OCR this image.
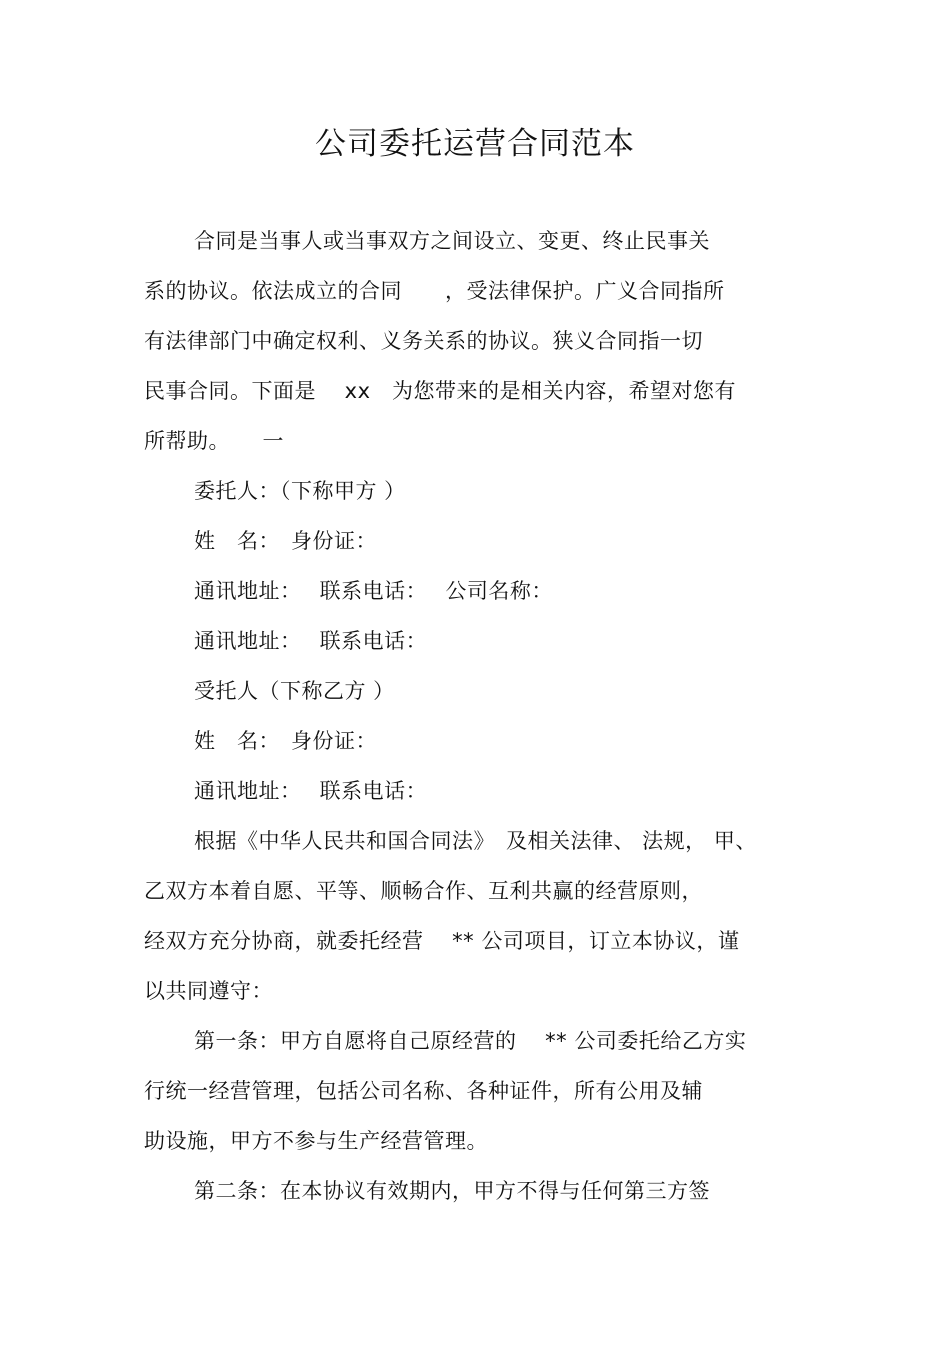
公司委托运营合同范本
合同是当事人或当事双方之间设立、变更、终止民事关
系的协议。依法成立的合同　　，受法律保护。广义合同指所
有法律部门中确定权利、义务关系的协议。狭义合同指一切
民事合同。下面是　 xx　为您带来的是相关内容，希望对您有
所帮助。　　一
委托人：（下称甲方 ）
姓　名：　身份证：
通讯地址：　 联系电话：　 公司名称：
通讯地址：　 联系电话：
受托人（下称乙方 ）
姓　名：　身份证：
通讯地址：　 联系电话：
根据《中华人民共和国合同法》　及相关法律、 法规， 甲、
乙双方本着自愿、平等、顺畅合作、互利共赢的经营原则，
经双方充分协商，就委托经营　 ** 公司项目，订立本协议，谨
以共同遵守：
第一条：甲方自愿将自己原经营的　 ** 公司委托给乙方实
行统一经营管理，包括公司名称、各种证件，所有公用及辅
助设施，甲方不参与生产经营管理。
第二条：在本协议有效期内，甲方不得与任何第三方签
